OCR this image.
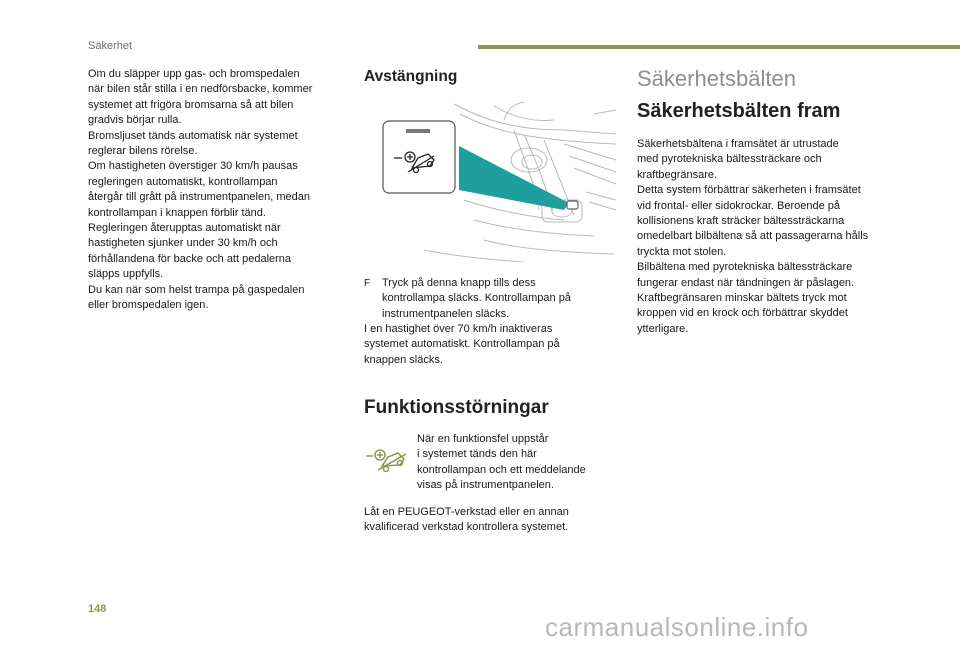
Säkerhet
Om du släpper upp gas- och bromspedalen
när bilen står stilla i en nedförsbacke, kommer
systemet att frigöra bromsarna så att bilen
gradvis börjar rulla.
Bromsljuset tänds automatisk när systemet
reglerar bilens rörelse.
Om hastigheten överstiger 30 km/h pausas
regleringen automatiskt, kontrollampan
återgår till grått på instrumentpanelen, medan
kontrollampan i knappen förblir tänd.
Regleringen återupptas automatiskt när
hastigheten sjunker under 30 km/h och
förhållandena för backe och att pedalerna
släpps uppfylls.
Du kan när som helst trampa på gaspedalen
eller bromspedalen igen.
Avstängning
F	Tryck på denna knapp tills dess
kontrollampa släcks. Kontrollampan på
instrumentpanelen släcks.
I en hastighet över 70 km/h inaktiveras
systemet automatiskt. Kontrollampan på
knappen släcks.
Funktionsstörningar
När en funktionsfel uppstår
i systemet tänds den här
kontrollampan och ett meddelande
visas på instrumentpanelen.
Låt en PEUGEOT-verkstad eller en annan
kvalificerad verkstad kontrollera systemet.
Säkerhetsbälten
Säkerhetsbälten fram
Säkerhetsbältena i framsätet är utrustade
med pyrotekniska bältessträckare och
kraftbegränsare.
Detta system förbättrar säkerheten i framsätet
vid frontal- eller sidokrockar. Beroende på
kollisionens kraft sträcker bältessträckarna
omedelbart bilbältena så att passagerarna hålls
tryckta mot stolen.
Bilbältena med pyrotekniska bältessträckare
fungerar endast när tändningen är påslagen.
Kraftbegränsaren minskar bältets tryck mot
kroppen vid en krock och förbättrar skyddet
ytterligare.
148
carmanualsonline.info
